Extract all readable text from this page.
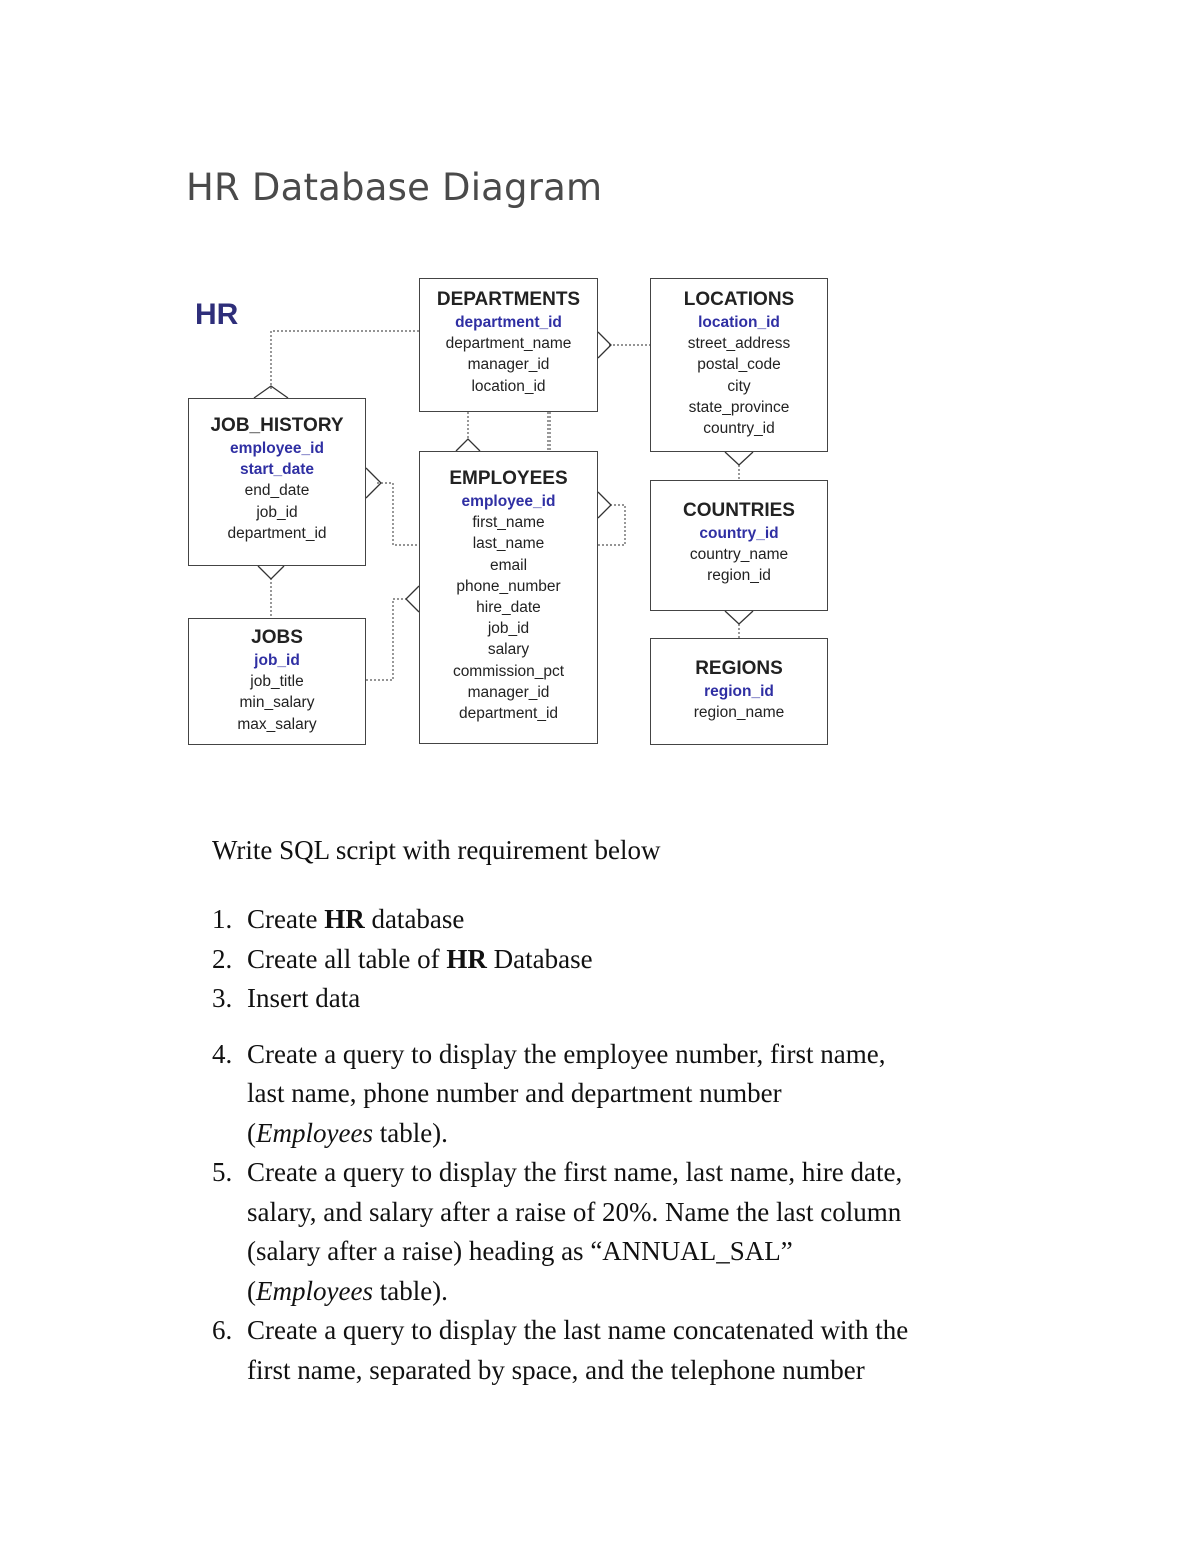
HR Database Diagram
HR	DEPARTMENTS
department_id
department_name
manager_id
location_id
LOCATIONS
location_id
street_address
postal_code
city
state_province
country_id
JOB_HISTORY
employee_id
start_date
end_date
job_id
department_id
EMPLOYEES
employee_id
first_name
last_name
email
phone_number
hire_date
job_id
salary
commission_pct
manager_id
department_id
COUNTRIES
country_id
country_name
region_id
JOBS
job_id
job_title
min_salary
max_salary
REGIONS
region_id
region_name
Write SQL script with requirement below
1. Create HR database
2. Create all table of HR Database
3. Insert data
4. Create a query to display the employee number, first name,
last name, phone number and department number
(Employees table).
5. Create a query to display the first name, last name, hire date,
salary, and salary after a raise of 20%. Name the last column
(salary after a raise) heading as “ANNUAL_SAL”
(Employees table).
6. Create a query to display the last name concatenated with the
first name, separated by space, and the telephone number
